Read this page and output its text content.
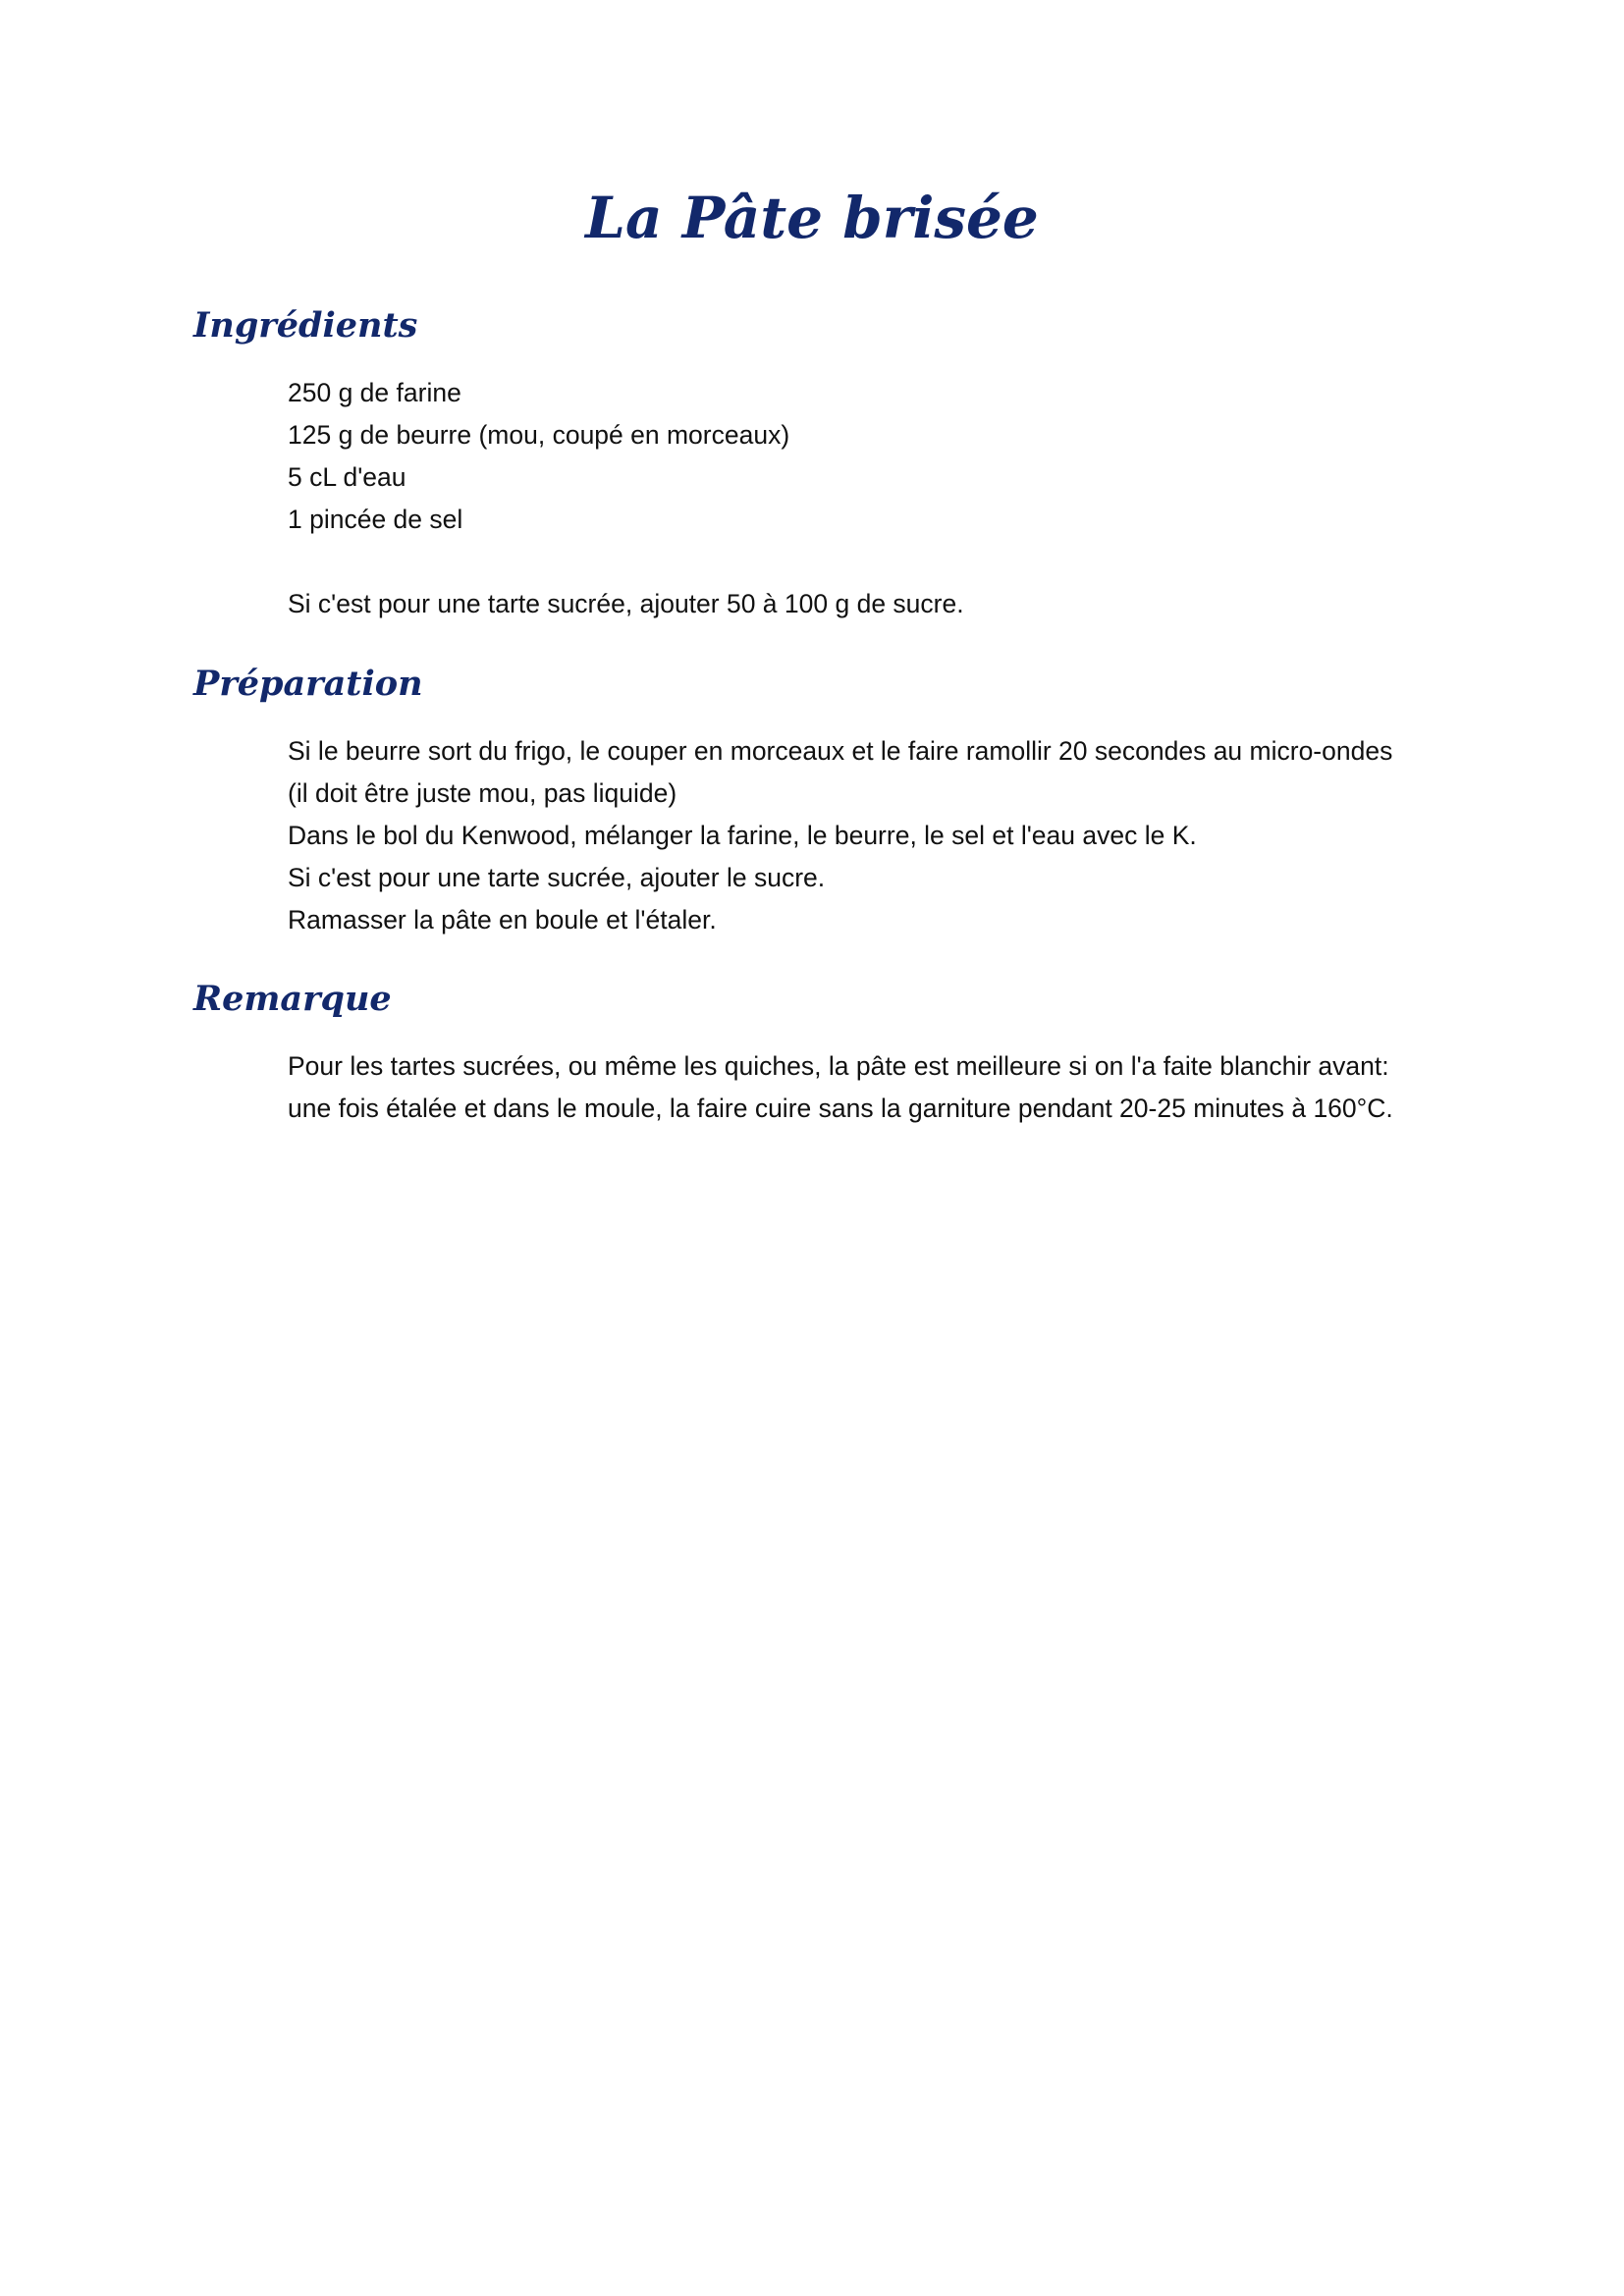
La Pâte brisée
Ingrédients
250 g de farine
125 g de beurre (mou, coupé en morceaux)
5 cL d'eau
1 pincée de sel
Si c'est pour une tarte sucrée, ajouter 50 à 100 g de sucre.
Préparation
Si le beurre sort du frigo, le couper en morceaux et le faire ramollir 20 secondes au micro-ondes
(il doit être juste mou, pas liquide)
Dans le bol du Kenwood, mélanger la farine, le beurre, le sel et l'eau avec le K.
Si c'est pour une tarte sucrée, ajouter le sucre.
Ramasser la pâte en boule et l'étaler.
Remarque
Pour les tartes sucrées, ou même les quiches, la pâte est meilleure si on l'a faite blanchir avant:
une fois étalée et dans le moule, la faire cuire sans la garniture pendant 20-25 minutes à 160°C.
